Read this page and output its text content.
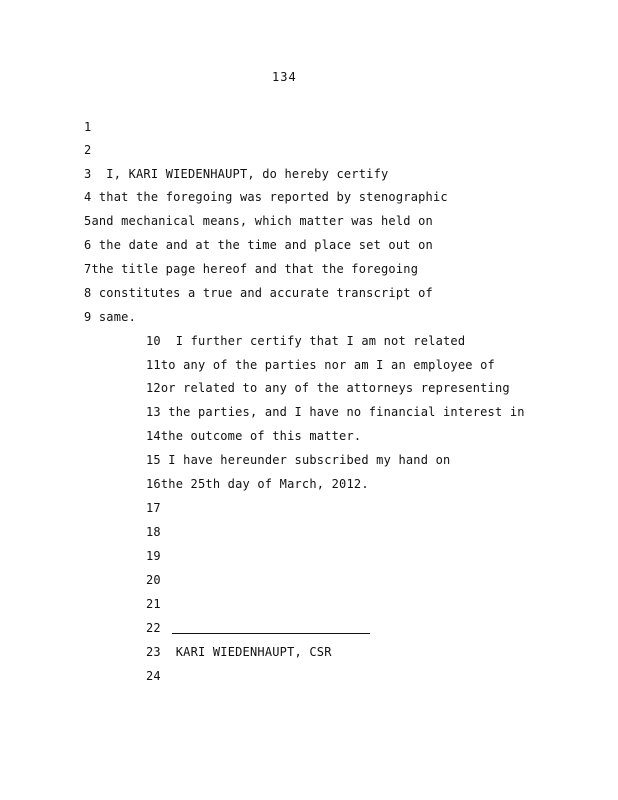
134
1
2
3 I, KARI WIEDENHAUPT, do hereby certify
4 that the foregoing was reported by stenographic
5and mechanical means, which matter was held on
6 the date and at the time and place set out on
7the title page hereof and that the foregoing
8 constitutes a true and accurate transcript of
9 same.
10 I further certify that I am not related
11to any of the parties nor am I an employee of
12or related to any of the attorneys representing
13 the parties, and I have no financial interest in
14the outcome of this matter.
15 I have hereunder subscribed my hand on
16the 25th day of March, 2012.
17
18
19
20
21
22
23 KARI WIEDENHAUPT, CSR
24
